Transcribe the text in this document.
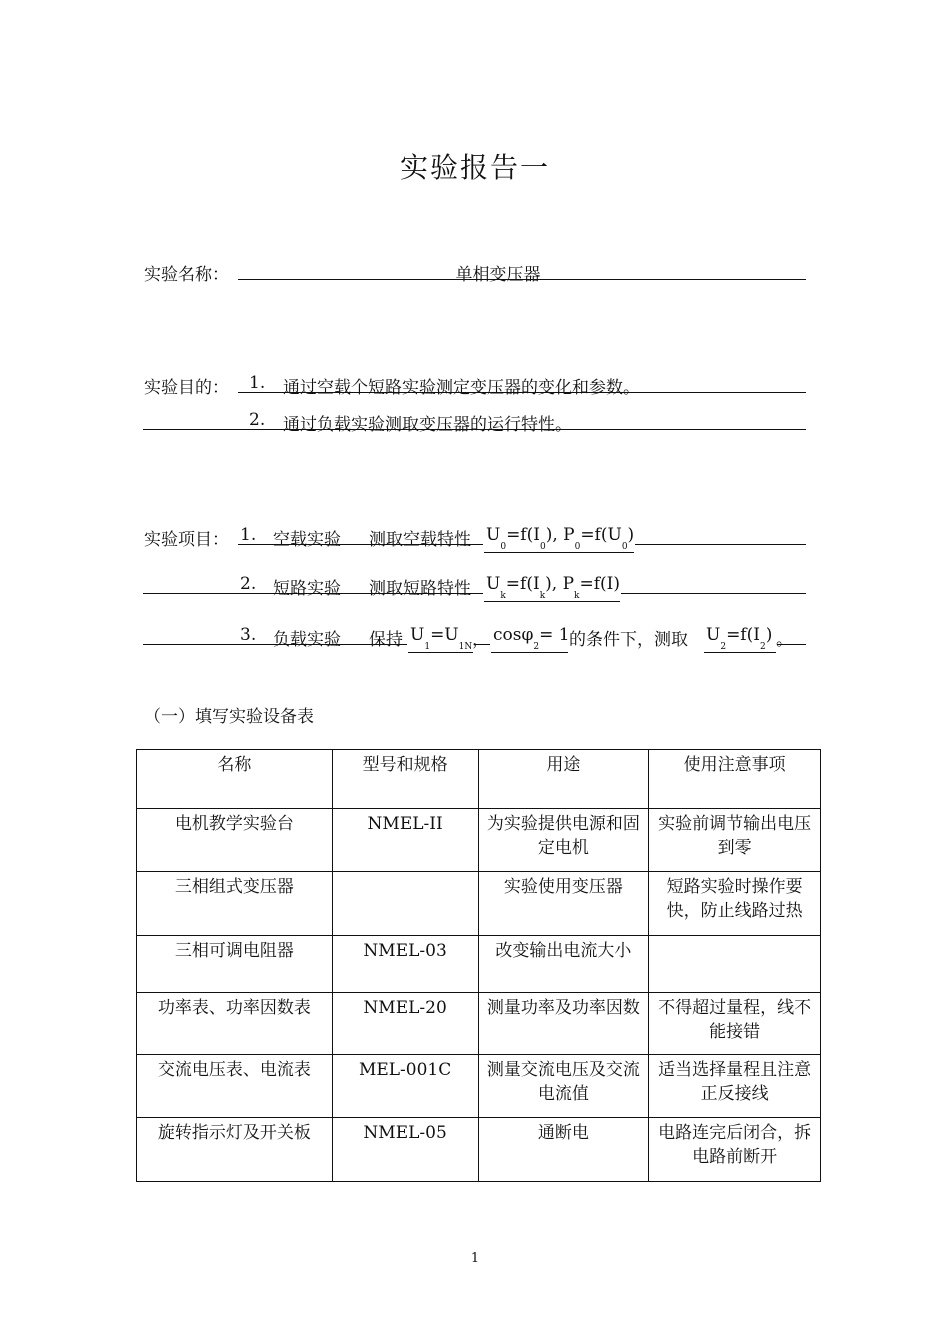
实验报告一
实验名称：	单相变压器
实验目的： 1. 通过空载个短路实验测定变压器的变化和参数。
2. 通过负载实验测取变压器的运行特性。
实验项目： 1. 空载实验 测取空载特性 $U_0=f(I_0)$, $P_0=f(U_0)$
2. 短路实验 测取短路特性 $U_k=f(I_k)$, $P_k=f(I)$
3. 负载实验 保持 $U_1=U_{1N}$ ， cosφ$_2$= 1 的条件下，测取 $U_2=f(I_2)$ 。
（一）填写实验设备表
名称	型号和规格	用途	使用注意事项
电机教学实验台	NMEL-II	为实验提供电源和固定电机	实验前调节输出电压到零
三相组式变压器		实验使用变压器	短路实验时操作要快，防止线路过热
三相可调电阻器	NMEL-03	改变输出电流大小	
功率表、功率因数表	NMEL-20	测量功率及功率因数	不得超过量程，线不能接错
交流电压表、电流表	MEL-001C	测量交流电压及交流电流值	适当选择量程且注意正反接线
旋转指示灯及开关板	NMEL-05	通断电	电路连完后闭合，拆电路前断开
1
